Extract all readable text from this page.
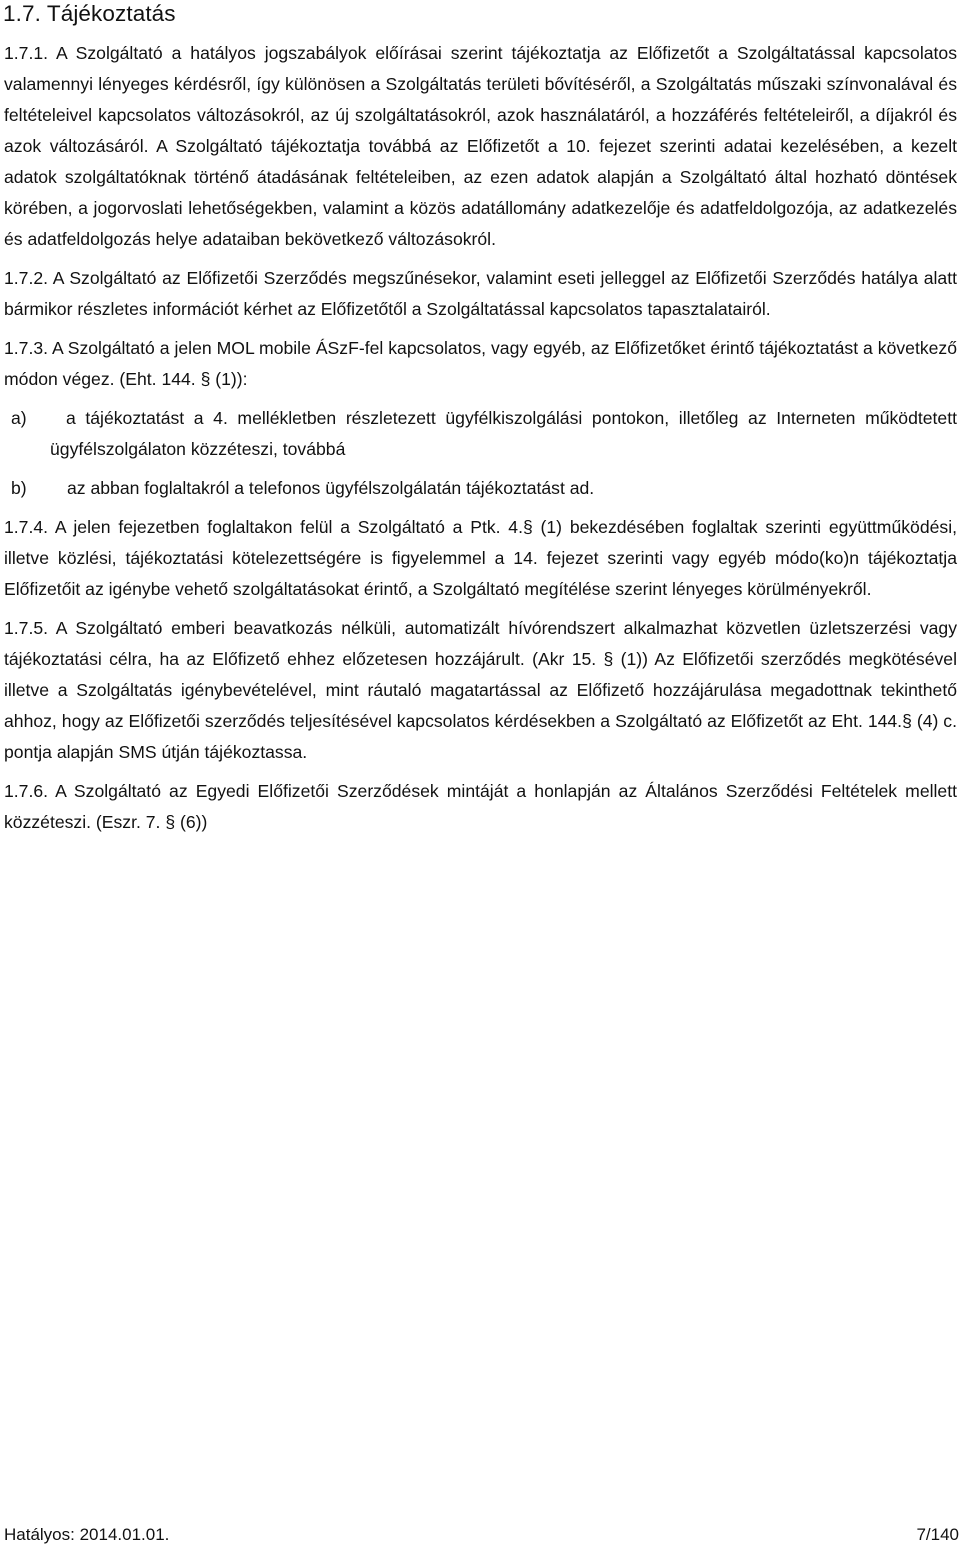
1.7. Tájékoztatás

1.7.1. A Szolgáltató a hatályos jogszabályok előírásai szerint tájékoztatja az Előfizetőt a Szolgáltatással kapcsolatos valamennyi lényeges kérdésről, így különösen a Szolgáltatás területi bővítéséről, a Szolgáltatás műszaki színvonalával és feltételeivel kapcsolatos változásokról, az új szolgáltatásokról, azok használatáról, a hozzáférés feltételeiről, a díjakról és azok változásáról. A Szolgáltató tájékoztatja továbbá az Előfizetőt a 10. fejezet szerinti adatai kezelésében, a kezelt adatok szolgáltatóknak történő átadásának feltételeiben, az ezen adatok alapján a Szolgáltató által hozható döntések körében, a jogorvoslati lehetőségekben, valamint a közös adatállomány adatkezelője és adatfeldolgozója, az adatkezelés és adatfeldolgozás helye adataiban bekövetkező változásokról.

1.7.2. A Szolgáltató az Előfizetői Szerződés megszűnésekor, valamint eseti jelleggel az Előfizetői Szerződés hatálya alatt bármikor részletes információt kérhet az Előfizetőtől a Szolgáltatással kapcsolatos tapasztalatairól.

1.7.3. A Szolgáltató a jelen MOL mobile ÁSzF-fel kapcsolatos, vagy egyéb, az Előfizetőket érintő tájékoztatást a következő módon végez. (Eht. 144. § (1)):

a)	a tájékoztatást a 4. mellékletben részletezett ügyfélkiszolgálási pontokon, illetőleg az Interneten működtetett ügyfélszolgálaton közzéteszi, továbbá
b)	az abban foglaltakról a telefonos ügyfélszolgálatán tájékoztatást ad.

1.7.4. A jelen fejezetben foglaltakon felül a Szolgáltató a Ptk. 4.§ (1) bekezdésében foglaltak szerinti együttműködési, illetve közlési, tájékoztatási kötelezettségére is figyelemmel a 14. fejezet szerinti vagy egyéb módo(ko)n tájékoztatja Előfizetőit az igénybe vehető szolgáltatásokat érintő, a Szolgáltató megítélése szerint lényeges körülményekről.

1.7.5. A Szolgáltató emberi beavatkozás nélküli, automatizált hívórendszert alkalmazhat közvetlen üzletszerzési vagy tájékoztatási célra, ha az Előfizető ehhez előzetesen hozzájárult. (Akr 15. § (1)) Az Előfizetői szerződés megkötésével illetve a Szolgáltatás igénybevételével, mint ráutaló magatartással az Előfizető hozzájárulása megadottnak tekinthető ahhoz, hogy az Előfizetői szerződés teljesítésével kapcsolatos kérdésekben a Szolgáltató az Előfizetőt az Eht. 144.§ (4) c. pontja alapján SMS útján tájékoztassa.

1.7.6. A Szolgáltató az Egyedi Előfizetői Szerződések mintáját a honlapján az Általános Szerződési Feltételek mellett közzéteszi. (Eszr. 7. § (6))

Hatályos: 2014.01.01.	7/140
